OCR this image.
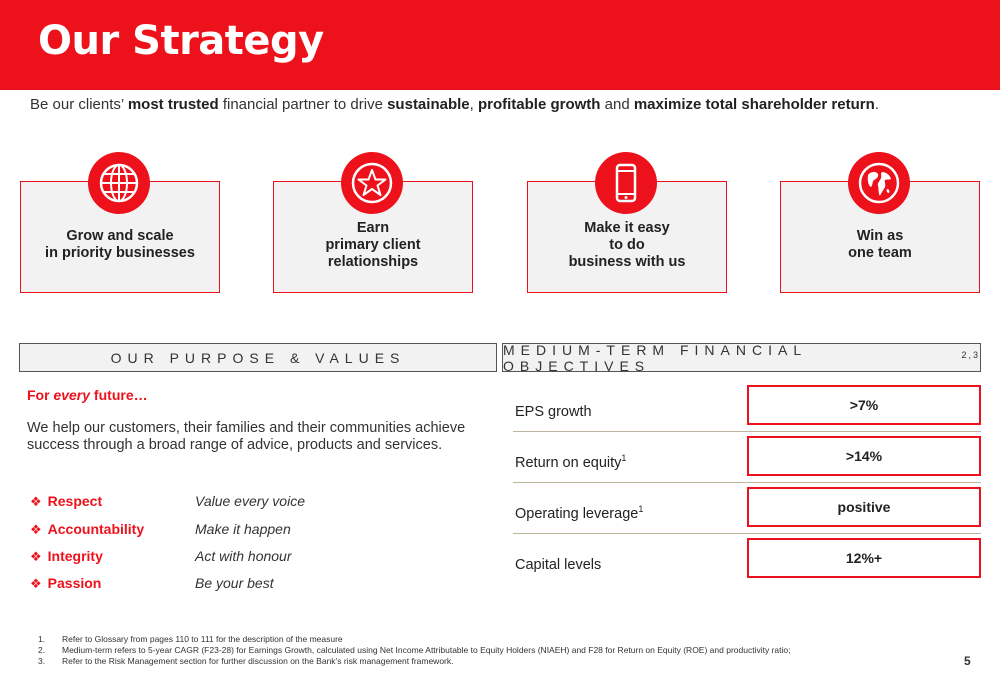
Our Strategy
Be our clients’ most trusted financial partner to drive sustainable, profitable growth and maximize total shareholder return.
Grow and scale
in priority businesses
Earn
primary client
relationships
Make it easy
to do
business with us
Win as
one team
OUR PURPOSE & VALUES	MEDIUM-TERM FINANCIAL OBJECTIVES
$^{2,3}$
For every future…
We help our customers, their families and their communities achieve success through a broad range of advice, products and services.
❖ Respect	Value every voice
❖ Accountability	Make it happen
❖ Integrity	Act with honour
❖ Passion	Be your best
EPS growth	>7%
Return on equity$^1$	>14%
Operating leverage$^1$	positive
Capital levels	12%+
1.	Refer to Glossary from pages 110 to 111 for the description of the measure
2.	Medium-term refers to 5-year CAGR (F23-28) for Earnings Growth, calculated using Net Income Attributable to Equity Holders (NIAEH) and F28 for Return on Equity (ROE) and productivity ratio;
3.	Refer to the Risk Management section for further discussion on the Bank’s risk management framework.	5
